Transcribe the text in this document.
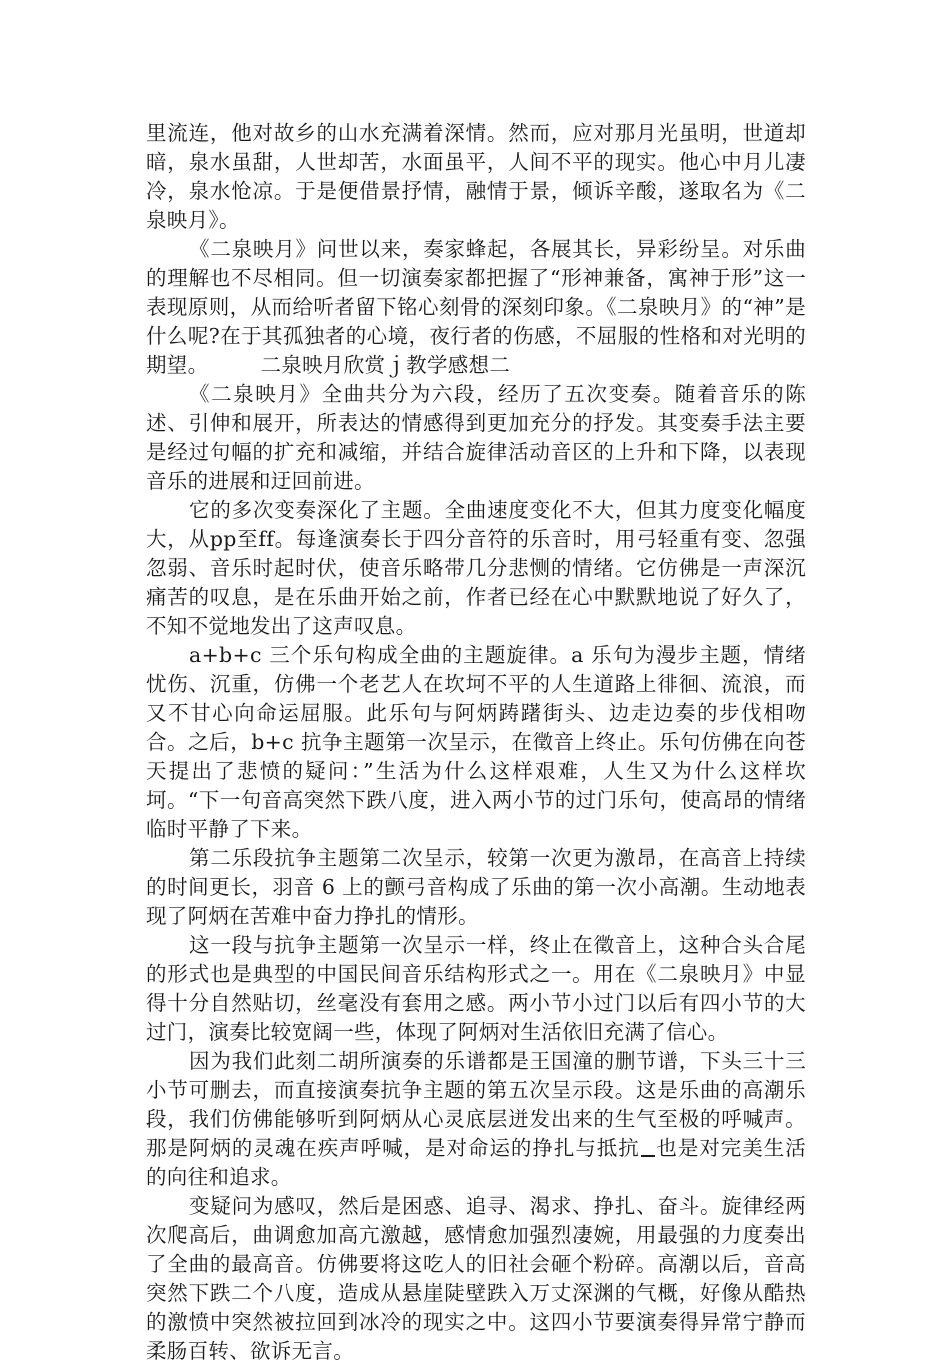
里流连，他对故乡的山水充满着深情。然而，应对那月光虽明，世道却暗，泉水虽甜，人世却苦，水面虽平，人间不平的现实。他心中月儿凄冷，泉水怆凉。于是便借景抒情，融情于景，倾诉辛酸，遂取名为《二泉映月》。

《二泉映月》问世以来，奏家蜂起，各展其长，异彩纷呈。对乐曲的理解也不尽相同。但一切演奏家都把握了“形神兼备，寓神于形”这一表现原则，从而给听者留下铭心刻骨的深刻印象。《二泉映月》的“神”是什么呢?在于其孤独者的心境，夜行者的伤感，不屈服的性格和对光明的期望。　　　	二泉映月欣赏ｊ教学感想二

《二泉映月》全曲共分为六段，经历了五次变奏。随着音乐的陈述、引伸和展开，所表达的情感得到更加充分的抒发。其变奏手法主要是经过句幅的扩充和减缩，并结合旋律活动音区的上升和下降，以表现音乐的进展和迂回前进。

它的多次变奏深化了主题。全曲速度变化不大，但其力度变化幅度大，从pp至ff。每逢演奏长于四分音符的乐音时，用弓轻重有变、忽强忽弱、音乐时起时伏，使音乐略带几分悲恻的情绪。它仿佛是一声深沉痛苦的叹息，是在乐曲开始之前，作者已经在心中默默地说了好久了，不知不觉地发出了这声叹息。

a+b+c 三个乐句构成全曲的主题旋律。a 乐句为漫步主题，情绪忧伤、沉重，仿佛一个老艺人在坎坷不平的人生道路上徘徊、流浪，而又不甘心向命运屈服。此乐句与阿炳踌躇街头、边走边奏的步伐相吻合。之后，b+c 抗争主题第一次呈示，在徵音上终止。乐句仿佛在向苍天提出了悲愤的疑问：”生活为什么这样艰难，人生又为什么这样坎坷。“下一句音高突然下跌八度，进入两小节的过门乐句，使高昂的情绪临时平静了下来。

第二乐段抗争主题第二次呈示，较第一次更为激昂，在高音上持续的时间更长，羽音 6 上的颤弓音构成了乐曲的第一次小高潮。生动地表现了阿炳在苦难中奋力挣扎的情形。

这一段与抗争主题第一次呈示一样，终止在徵音上，这种合头合尾的形式也是典型的中国民间音乐结构形式之一。用在《二泉映月》中显得十分自然贴切，丝毫没有套用之感。两小节小过门以后有四小节的大过门，演奏比较宽阔一些，体现了阿炳对生活依旧充满了信心。

因为我们此刻二胡所演奏的乐谱都是王国潼的删节谱，下头三十三小节可删去，而直接演奏抗争主题的第五次呈示段。这是乐曲的高潮乐段，我们仿佛能够听到阿炳从心灵底层迸发出来的生气至极的呼喊声。那是阿炳的灵魂在疾声呼喊，是对命运的挣扎与抵抗 也是对完美生活的向往和追求。

变疑问为感叹，然后是困惑、追寻、渴求、挣扎、奋斗。旋律经两次爬高后，曲调愈加高亢激越，感情愈加强烈凄婉，用最强的力度奏出了全曲的最高音。仿佛要将这吃人的旧社会砸个粉碎。高潮以后，音高突然下跌二个八度，造成从悬崖陡壁跌入万丈深渊的气概，好像从酷热的激愤中突然被拉回到冰冷的现实之中。这四小节要演奏得异常宁静而柔肠百转、欲诉无言。
